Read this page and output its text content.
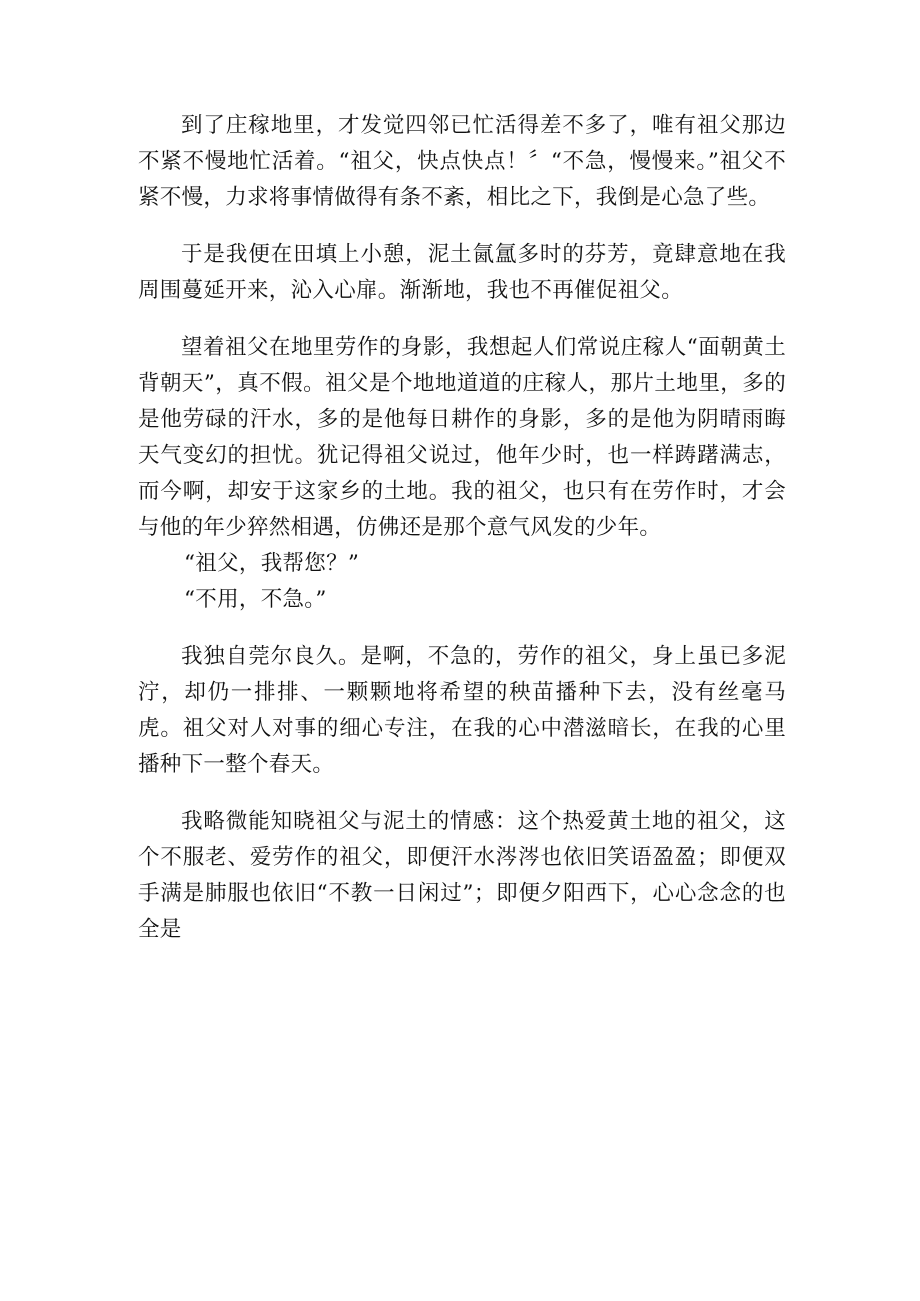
到了庄稼地里，才发觉四邻已忙活得差不多了，唯有祖父那边不紧不慢地忙活着。“祖父，快点快点！〞“不急，慢慢来。”祖父不紧不慢，力求将事情做得有条不紊，相比之下，我倒是心急了些。

于是我便在田填上小憩，泥土氤氲多时的芬芳，竟肆意地在我周围蔓延开来，沁入心扉。渐渐地，我也不再催促祖父。

望着祖父在地里劳作的身影，我想起人们常说庄稼人“面朝黄土背朝天”，真不假。祖父是个地地道道的庄稼人，那片土地里，多的是他劳碌的汗水，多的是他每日耕作的身影，多的是他为阴晴雨晦天气变幻的担忧。犹记得祖父说过，他年少时，也一样踌躇满志，而今啊，却安于这家乡的土地。我的祖父，也只有在劳作时，才会与他的年少猝然相遇，仿佛还是那个意气风发的少年。

“祖父，我帮您？”

“不用，不急。”

我独自莞尔良久。是啊，不急的，劳作的祖父，身上虽已多泥泞，却仍一排排、一颗颗地将希望的秧苗播种下去，没有丝毫马虎。祖父对人对事的细心专注，在我的心中潜滋暗长，在我的心里播种下一整个春天。

我略微能知晓祖父与泥土的情感：这个热爱黄土地的祖父，这个不服老、爱劳作的祖父，即便汗水涔涔也依旧笑语盈盈；即便双手满是肺服也依旧“不教一日闲过”；即便夕阳西下，心心念念的也全是
